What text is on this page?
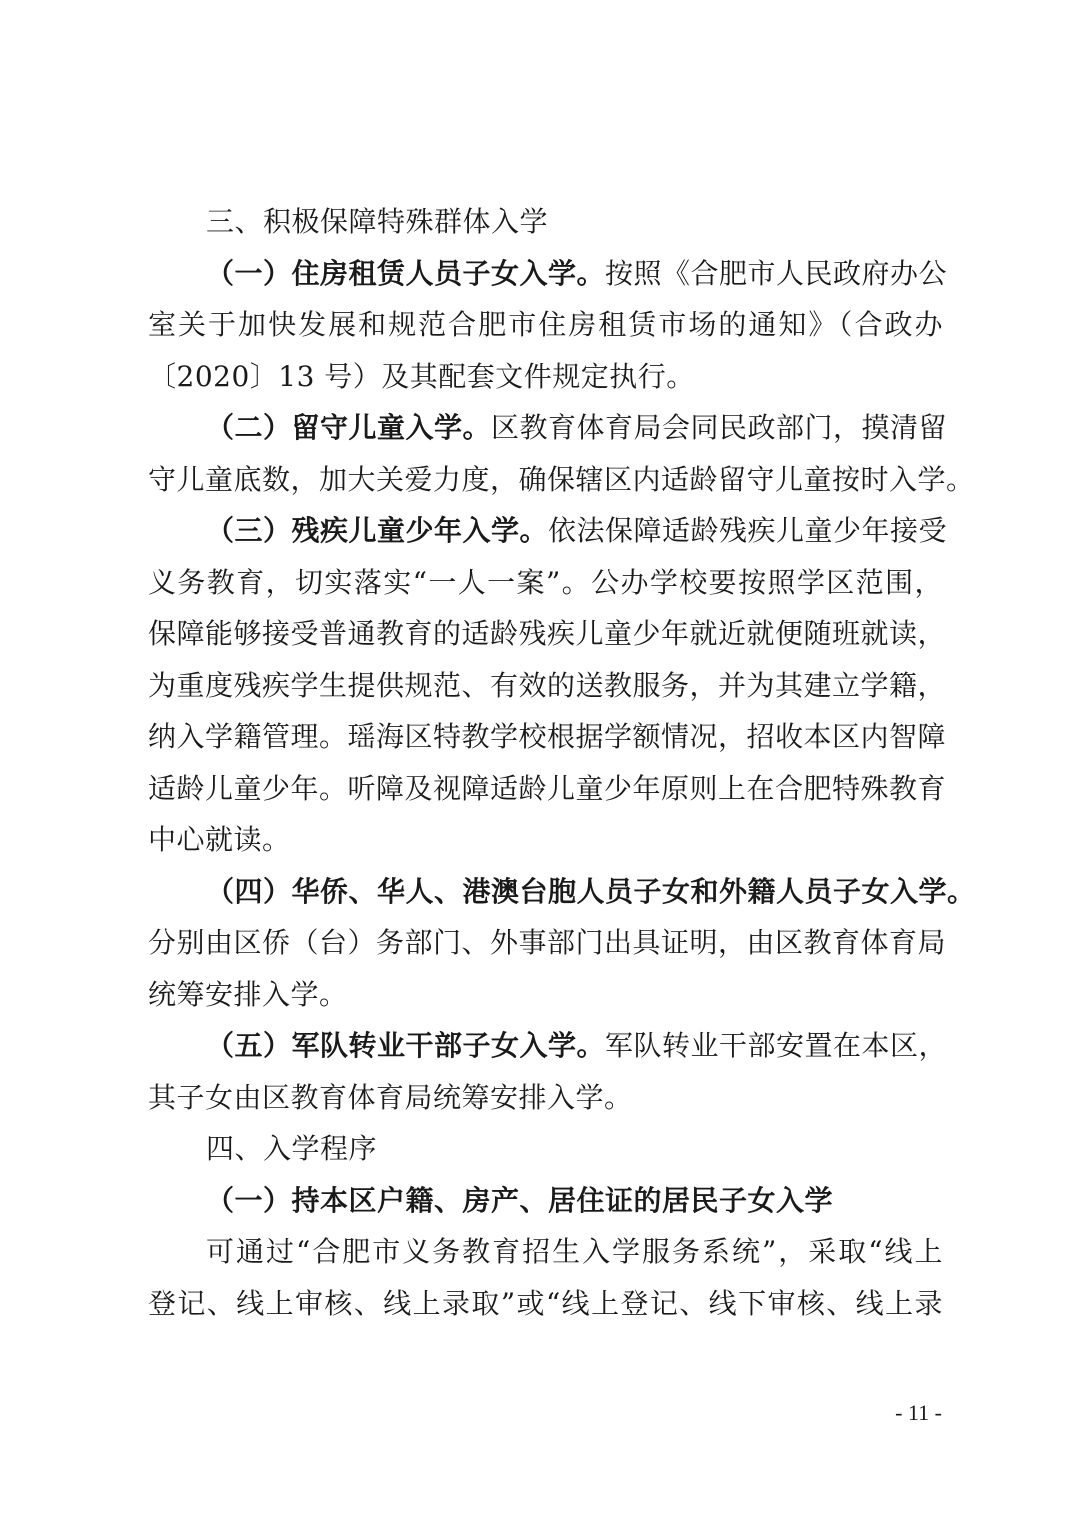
三、积极保障特殊群体入学
（一）住房租赁人员子女入学。按照《合肥市人民政府办公
室关于加快发展和规范合肥市住房租赁市场的通知》（合政办
〔2020〕13 号）及其配套文件规定执行。
（二）留守儿童入学。区教育体育局会同民政部门，摸清留
守儿童底数，加大关爱力度，确保辖区内适龄留守儿童按时入学。
（三）残疾儿童少年入学。依法保障适龄残疾儿童少年接受
义务教育，切实落实“一人一案”。公办学校要按照学区范围，
保障能够接受普通教育的适龄残疾儿童少年就近就便随班就读，
为重度残疾学生提供规范、有效的送教服务，并为其建立学籍，
纳入学籍管理。瑶海区特教学校根据学额情况，招收本区内智障
适龄儿童少年。听障及视障适龄儿童少年原则上在合肥特殊教育
中心就读。
（四）华侨、华人、港澳台胞人员子女和外籍人员子女入学。
分别由区侨（台）务部门、外事部门出具证明，由区教育体育局
统筹安排入学。
（五）军队转业干部子女入学。军队转业干部安置在本区，
其子女由区教育体育局统筹安排入学。
四、入学程序
（一）持本区户籍、房产、居住证的居民子女入学
可通过“合肥市义务教育招生入学服务系统”，采取“线上
登记、线上审核、线上录取”或“线上登记、线下审核、线上录
- 11 -
